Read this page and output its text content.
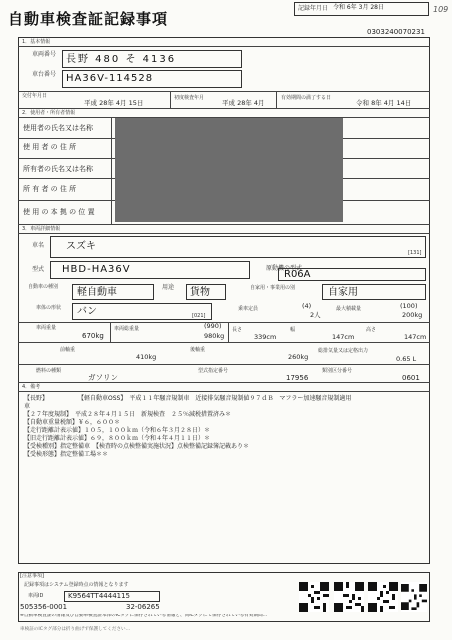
自動車検査証記録事項
記録年月日 令和 6年 3月 28日	109
0303240070231
1．基本情報
車両番号 長野 480 そ 4136
車台番号 HA36V-114528
交付年月日
平成 28年 4月 15日
初度検査年月
平成 28年 4月
有効期間の満了する日
令和 8年 4月 14日
2．使用者・所有者情報
使用者の氏名又は名称
使 用 者 の 住 所
所有者の氏名又は名称
所 有 者 の 住 所
使 用 の 本 拠 の 位 置
3．車両詳細情報
車名 スズキ
[131]
型式 HBD-HA36V	原動機の型式
R06A
自動車の種別 軽自動車	用途 貨物	自家用・事業用の別	自家用
車体の形状 バン	[021]
乗車定員	(4)
2人
最大積載量	(100)
200kg
車両重量
670kg
車両総重量	(990)
980kg
長さ
339cm
幅
147cm
高さ
147cm
前軸重
410kg
後軸重
260kg
総排気量又は定格出力
0.65 L
燃料の種類
ガソリン
型式指定番号
17956
類別区分番号
0601
4．備考
【長野】　　　　　　【軽自動車OSS】　平成１１年騒音規制車　近接排気騒音規制値９７ｄＢ　マフラー加速騒音規制適用
車　　　　
【２７年度規制】　平成２８年４月１５日　新規検査　２５％減税措置済み＊
【自動車重量税額】￥６，６００＊
【走行距離計表示値】１０５，１００ｋｍ（令和６年３月２８日）＊
【旧走行距離計表示値】６９，８００ｋｍ（令和４年４月１１日）＊
【受検種別】指定整備車　【検査時の点検整備実施状況】点検整備記録簿記載あり＊
【受検形態】指定整備工場＊＊
[注意事項]
記録事項はシステム登録時点の情報となります
車両ID	K9564TT4444115
505356-0001	32-06265
※自動車検査証の情報及び自動車検査証本体のICタグに保存されている情報と、同ICタグにて保存されている有効期間…
車検証のICタグ部分は折り曲げず保護してください…
